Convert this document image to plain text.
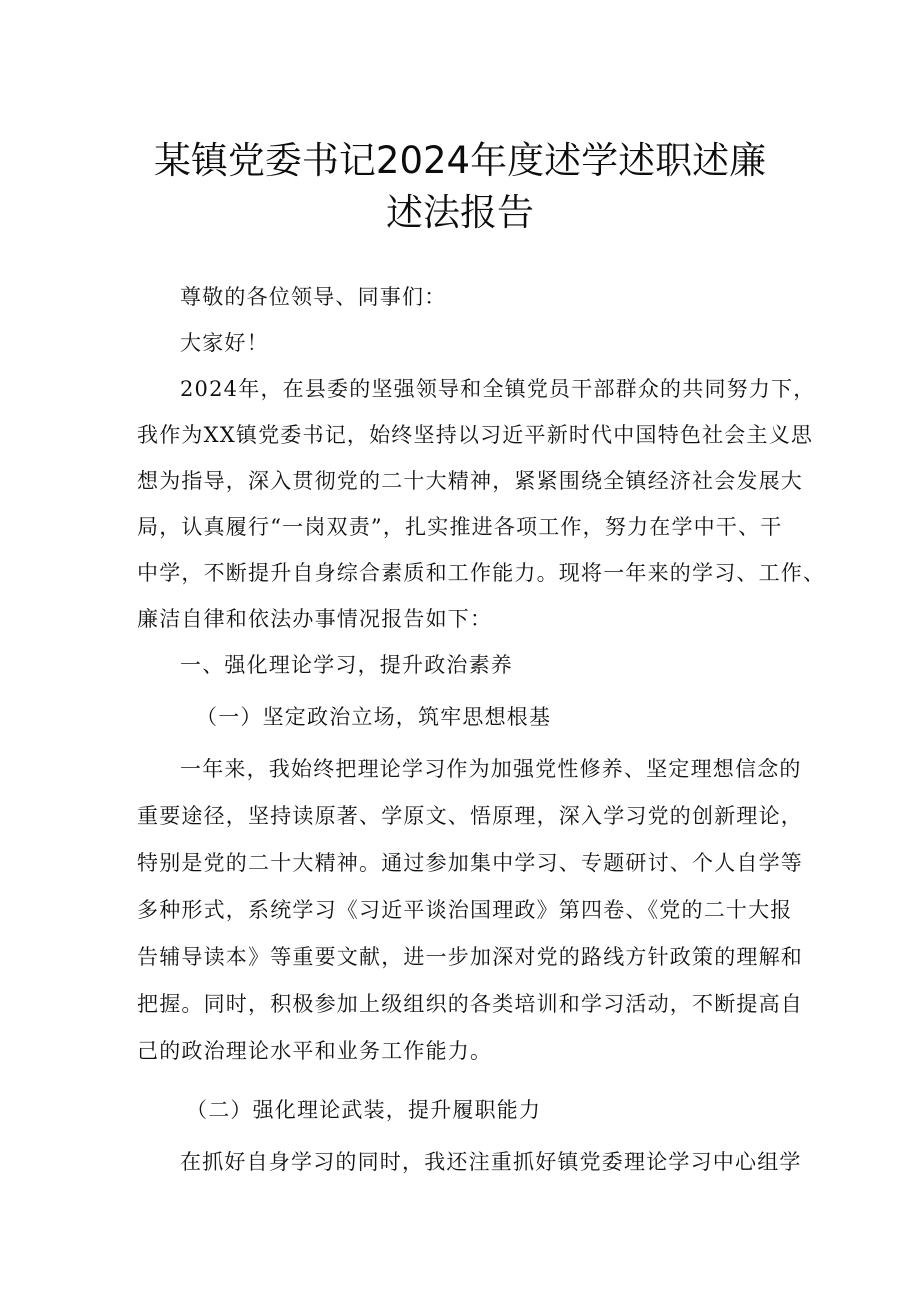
某镇党委书记2024年度述学述职述廉
述法报告
尊敬的各位领导、同事们：
大家好！
2024年，在县委的坚强领导和全镇党员干部群众的共同努力下，
我作为XX镇党委书记，始终坚持以习近平新时代中国特色社会主义思
想为指导，深入贯彻党的二十大精神，紧紧围绕全镇经济社会发展大
局，认真履行“一岗双责”，扎实推进各项工作，努力在学中干、干
中学，不断提升自身综合素质和工作能力。现将一年来的学习、工作、
廉洁自律和依法办事情况报告如下：
一、强化理论学习，提升政治素养
（一）坚定政治立场，筑牢思想根基
一年来，我始终把理论学习作为加强党性修养、坚定理想信念的
重要途径，坚持读原著、学原文、悟原理，深入学习党的创新理论，
特别是党的二十大精神。通过参加集中学习、专题研讨、个人自学等
多种形式，系统学习《习近平谈治国理政》第四卷、《党的二十大报
告辅导读本》等重要文献，进一步加深对党的路线方针政策的理解和
把握。同时，积极参加上级组织的各类培训和学习活动，不断提高自
己的政治理论水平和业务工作能力。
（二）强化理论武装，提升履职能力
在抓好自身学习的同时，我还注重抓好镇党委理论学习中心组学
